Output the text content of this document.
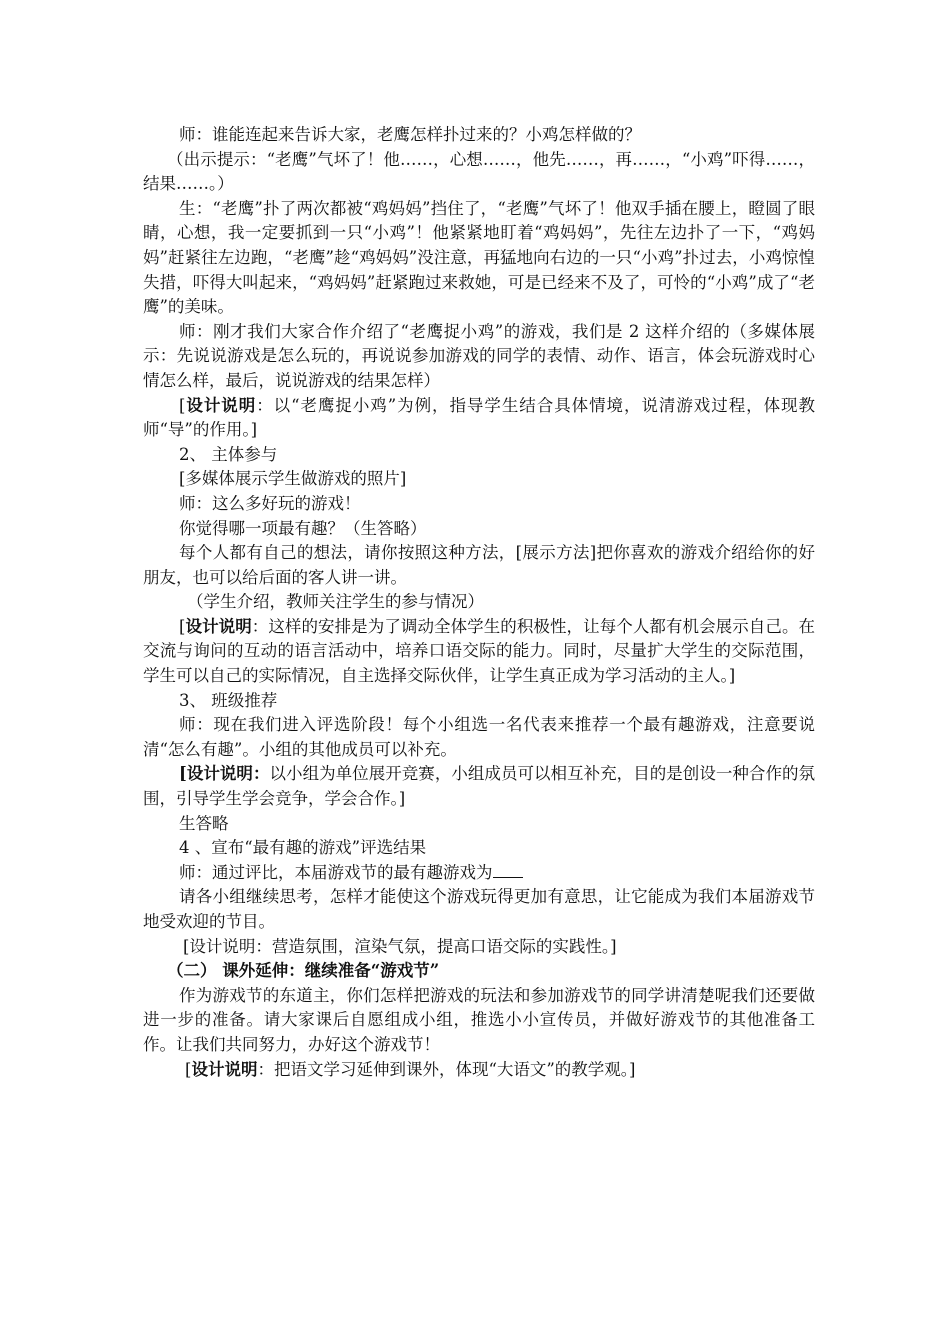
师：谁能连起来告诉大家，老鹰怎样扑过来的？小鸡怎样做的？

（出示提示：“老鹰”气坏了！他……，心想……，他先……，再……，“小鸡”吓得……，结果……。）

生：“老鹰”扑了两次都被“鸡妈妈”挡住了，“老鹰”气坏了！他双手插在腰上，瞪圆了眼睛，心想，我一定要抓到一只“小鸡”！他紧紧地盯着“鸡妈妈”，先往左边扑了一下，“鸡妈妈”赶紧往左边跑，“老鹰”趁“鸡妈妈”没注意，再猛地向右边的一只“小鸡”扑过去，小鸡惊惶失措，吓得大叫起来，“鸡妈妈”赶紧跑过来救她，可是已经来不及了，可怜的“小鸡”成了“老鹰”的美味。

师：刚才我们大家合作介绍了“老鹰捉小鸡”的游戏，我们是 2 这样介绍的（多媒体展示：先说说游戏是怎么玩的，再说说参加游戏的同学的表情、动作、语言，体会玩游戏时心情怎么样，最后，说说游戏的结果怎样）

[设计说明：以“老鹰捉小鸡”为例，指导学生结合具体情境，说清游戏过程，体现教师“导”的作用。]

2、 主体参与

[多媒体展示学生做游戏的照片]

师：这么多好玩的游戏！

你觉得哪一项最有趣？（生答略）

每个人都有自己的想法，请你按照这种方法，[展示方法]把你喜欢的游戏介绍给你的好朋友，也可以给后面的客人讲一讲。

（学生介绍，教师关注学生的参与情况）

[设计说明：这样的安排是为了调动全体学生的积极性，让每个人都有机会展示自己。在交流与询问的互动的语言活动中，培养口语交际的能力。同时，尽量扩大学生的交际范围，学生可以自己的实际情况，自主选择交际伙伴，让学生真正成为学习活动的主人。]

3、 班级推荐

师：现在我们进入评选阶段！每个小组选一名代表来推荐一个最有趣游戏，注意要说清“怎么有趣”。小组的其他成员可以补充。

[设计说明：以小组为单位展开竞赛，小组成员可以相互补充，目的是创设一种合作的氛围，引导学生学会竞争，学会合作。]

生答略

4 、宣布“最有趣的游戏”评选结果

师：通过评比，本届游戏节的最有趣游戏为

请各小组继续思考，怎样才能使这个游戏玩得更加有意思，让它能成为我们本届游戏节地受欢迎的节目。

[设计说明：营造氛围，渲染气氛，提高口语交际的实践性。]

（二） 课外延伸：继续准备“游戏节”

作为游戏节的东道主，你们怎样把游戏的玩法和参加游戏节的同学讲清楚呢我们还要做进一步的准备。请大家课后自愿组成小组，推选小小宣传员，并做好游戏节的其他准备工作。让我们共同努力，办好这个游戏节！

[设计说明：把语文学习延伸到课外，体现“大语文”的教学观。]
